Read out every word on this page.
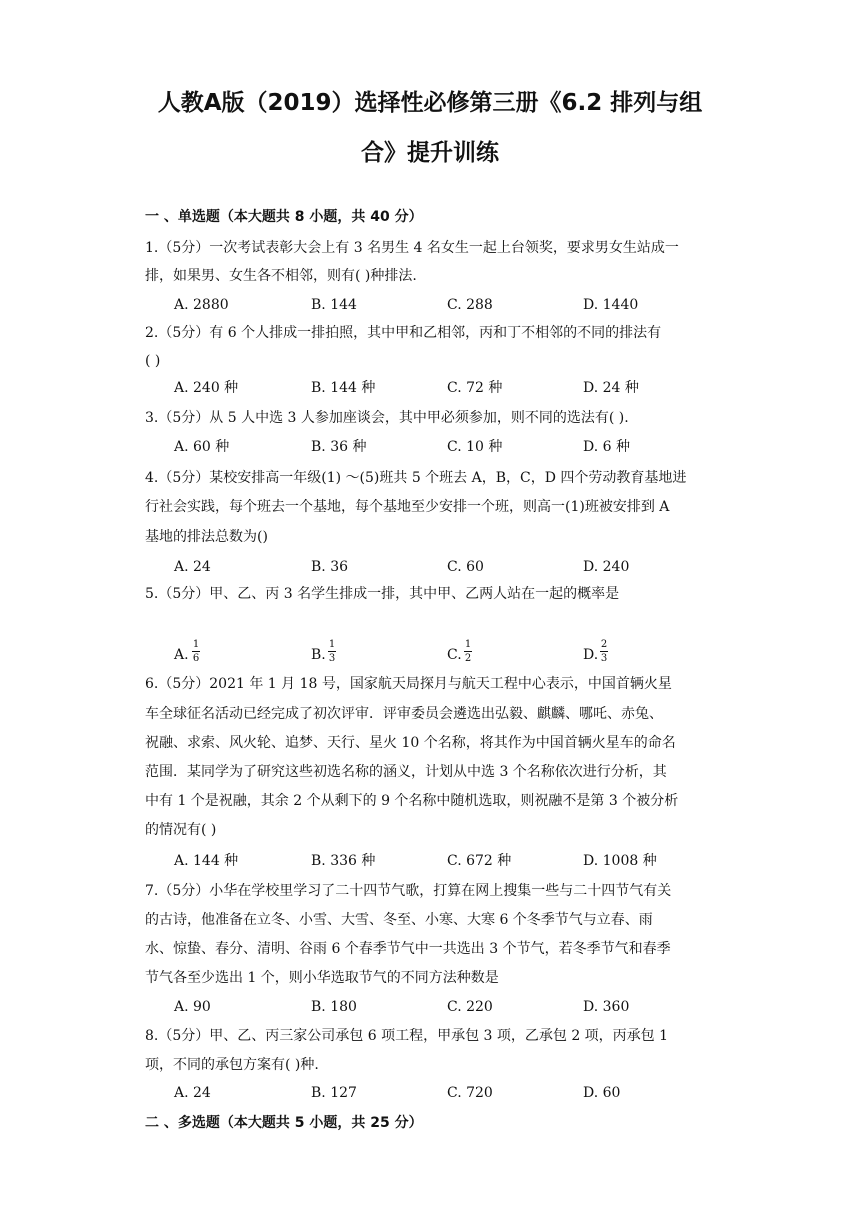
人教A版（2019）选择性必修第三册《6.2 排列与组
合》提升训练
一 、单选题（本大题共 8 小题，共 40 分）
1.（5分）一次考试表彰大会上有 3 名男生 4 名女生一起上台领奖，要求男女生站成一
排，如果男、女生各不相邻，则有( )种排法.
A. 2880	B. 144	C. 288	D. 1440
2.（5分）有 6 个人排成一排拍照，其中甲和乙相邻，丙和丁不相邻的不同的排法有
( )
A. 240 种	B. 144 种	C. 72 种	D. 24 种
3.（5分）从 5 人中选 3 人参加座谈会，其中甲必须参加，则不同的选法有( ).
A. 60 种	B. 36 种	C. 10 种	D. 6 种
4.（5分）某校安排高一年级(1) ～(5)班共 5 个班去 A，B，C，D 四个劳动教育基地进
行社会实践，每个班去一个基地，每个基地至少安排一个班，则高一(1)班被安排到 A
基地的排法总数为()
A. 24	B. 36	C. 60	D. 240
5.（5分）甲、乙、丙 3 名学生排成一排，其中甲、乙两人站在一起的概率是
A.
1
6	B.
1
3	C.
1
2	D.
2
3
6.（5分）2021 年 1 月 18 号，国家航天局探月与航天工程中心表示，中国首辆火星
车全球征名活动已经完成了初次评审．评审委员会遴选出弘毅、麒麟、哪吒、赤兔、
祝融、求索、风火轮、追梦、天行、星火 10 个名称，将其作为中国首辆火星车的命名
范围．某同学为了研究这些初选名称的涵义，计划从中选 3 个名称依次进行分析，其
中有 1 个是祝融，其余 2 个从剩下的 9 个名称中随机选取，则祝融不是第 3 个被分析
的情况有( )
A. 144 种	B. 336 种	C. 672 种	D. 1008 种
7.（5分）小华在学校里学习了二十四节气歌，打算在网上搜集一些与二十四节气有关
的古诗，他准备在立冬、小雪、大雪、冬至、小寒、大寒 6 个冬季节气与立春、雨
水、惊蛰、春分、清明、谷雨 6 个春季节气中一共选出 3 个节气，若冬季节气和春季
节气各至少选出 1 个，则小华选取节气的不同方法种数是
A. 90	B. 180	C. 220	D. 360
8.（5分）甲、乙、丙三家公司承包 6 项工程，甲承包 3 项，乙承包 2 项，丙承包 1
项，不同的承包方案有( )种.
A. 24	B. 127	C. 720	D. 60
二 、多选题（本大题共 5 小题，共 25 分）
